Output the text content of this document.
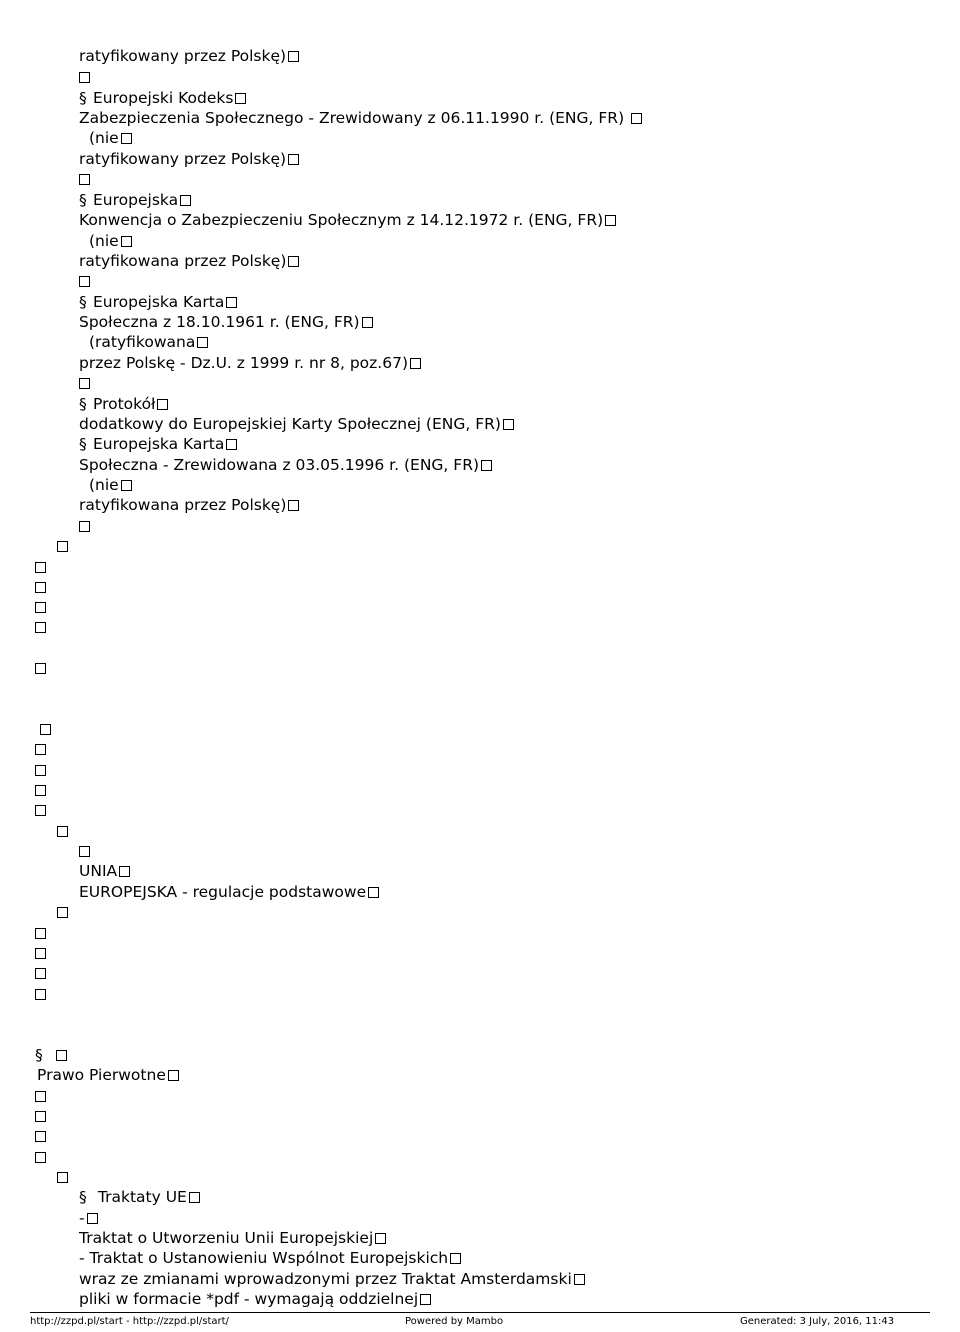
ratyfikowany przez Polskę)
§ Europejski Kodeks
Zabezpieczenia Społecznego - Zrewidowany z 06.11.1990 r. (ENG, FR)
(nie
ratyfikowany przez Polskę)
§ Europejska
Konwencja o Zabezpieczeniu Społecznym z 14.12.1972 r. (ENG, FR)
(nie
ratyfikowana przez Polskę)
§ Europejska Karta
Społeczna z 18.10.1961 r. (ENG, FR)
(ratyfikowana
przez Polskę - Dz.U. z 1999 r. nr 8, poz.67)
§ Protokół
dodatkowy do Europejskiej Karty Społecznej (ENG, FR)
§ Europejska Karta
Społeczna - Zrewidowana z 03.05.1996 r. (ENG, FR)
(nie
ratyfikowana przez Polskę)
UNIA
EUROPEJSKA - regulacje podstawowe
§
Prawo Pierwotne
§ Traktaty UE
-
Traktat o Utworzeniu Unii Europejskiej
- Traktat o Ustanowieniu Wspólnot Europejskich
wraz ze zmianami wprowadzonymi przez Traktat Amsterdamski
pliki w formacie *pdf - wymagają oddzielnej
http://zzpd.pl/start - http://zzpd.pl/start/	Powered by Mambo	Generated: 3 July, 2016, 11:43
